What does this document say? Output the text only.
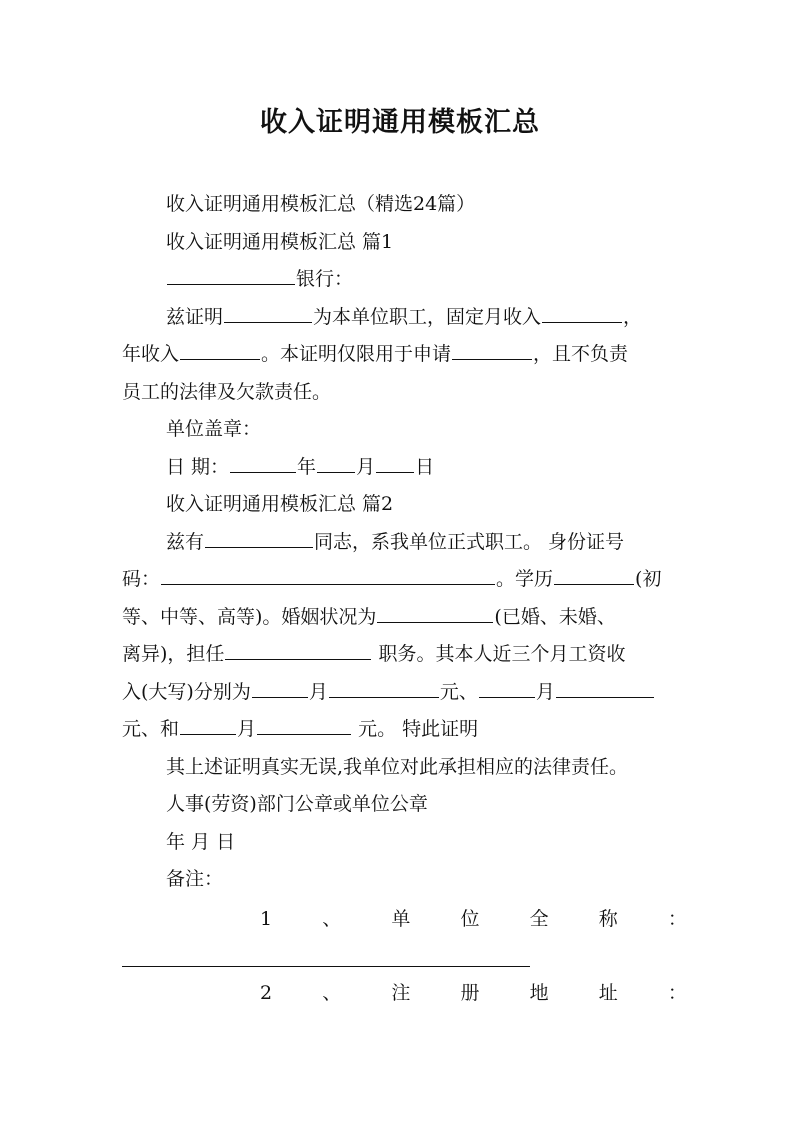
收入证明通用模板汇总

收入证明通用模板汇总（精选24篇）

收入证明通用模板汇总 篇1

银行：

兹证明	为本单位职工，固定月收入	，

年收入	。本证明仅限用于申请	，且不负责

员工的法律及欠款责任。

单位盖章：

日 期：	年 月 日

收入证明通用模板汇总 篇2

兹有	同志，系我单位正式职工。 身份证号

码：	。学历	(初

等、中等、高等)。婚姻状况为	(已婚、未婚、

离异)，担任	职务。其本人近三个月工资收

入(大写)分别为	月	元、	月

元、和	月	元。 特此证明

其上述证明真实无误,我单位对此承担相应的法律责任。

人事(劳资)部门公章或单位公章

年 月 日

备注：

1	、	单	位	全	称	：
2	、	注	册	地	址	：
